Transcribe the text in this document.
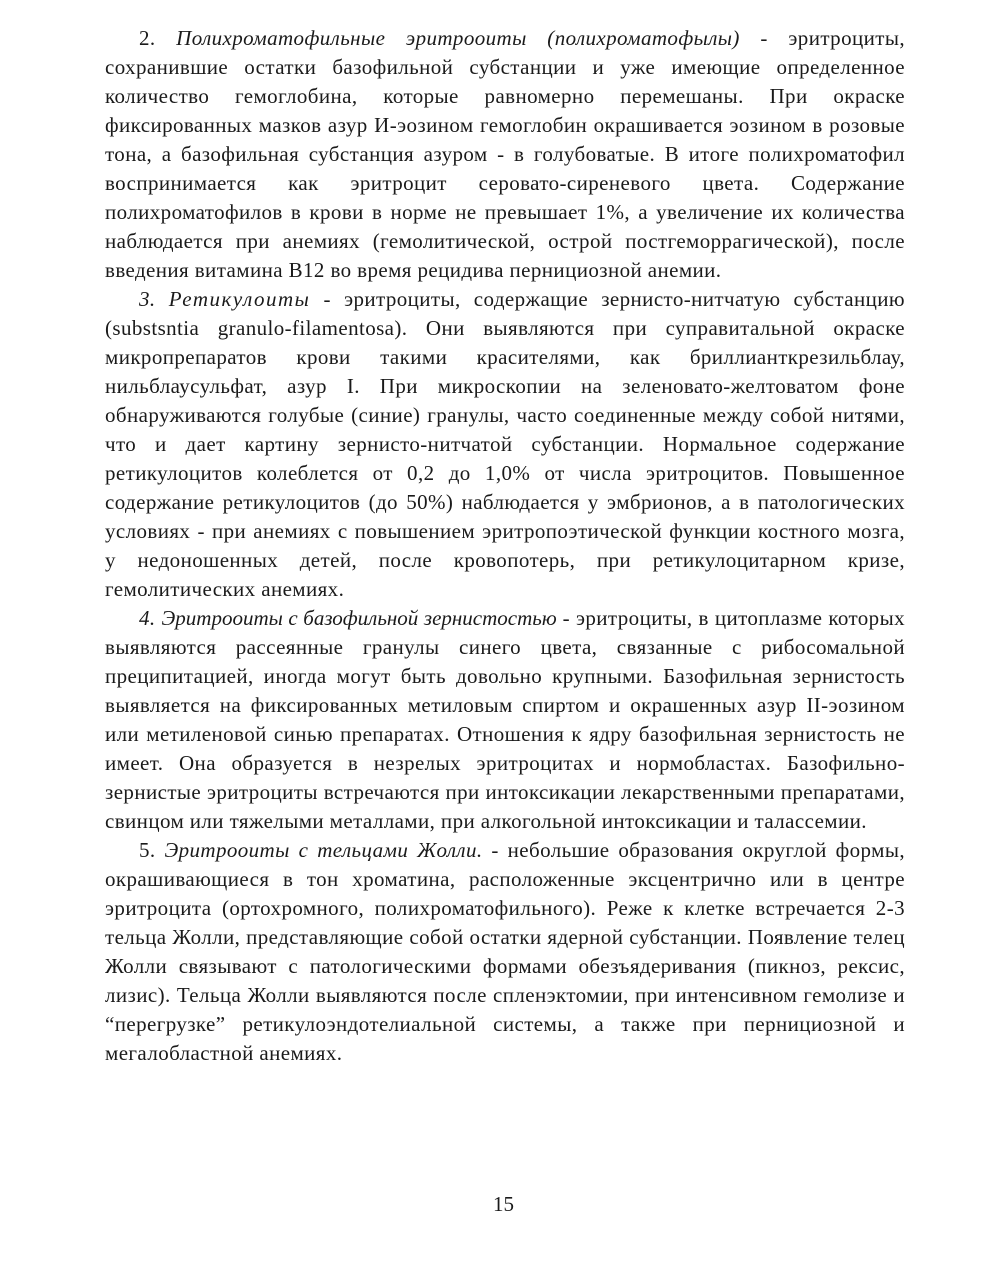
2. Полихроматофильные эритрооиты (полихроматофылы) - эритроциты, сохранившие остатки базофильной субстанции и уже имеющие определенное количество гемоглобина, которые равномерно перемешаны. При окраске фиксированных мазков азур И-эозином гемоглобин окрашивается эозином в розовые тона, а базофильная субстанция азуром - в голубоватые. В итоге полихроматофил воспринимается как эритроцит серовато-сиреневого цвета. Содержание полихроматофилов в крови в норме не превышает 1%, а увеличение их количества наблюдается при анемиях (гемолитической, острой постгеморрагической), после введения витамина В12 во время рецидива пернициозной анемии.

3. Ретикулоиты - эритроциты, содержащие зернисто-нитчатую субстанцию (substsntia granulo-filamentosa). Они выявляются при суправитальной окраске микропрепаратов крови такими красителями, как бриллианткрезильблау, нильблаусульфат, азур I. При микроскопии на зеленовато-желтоватом фоне обнаруживаются голубые (синие) гранулы, часто соединенные между собой нитями, что и дает картину зернисто-нитчатой субстанции. Нормальное содержание ретикулоцитов колеблется от 0,2 до 1,0% от числа эритроцитов. Повышенное содержание ретикулоцитов (до 50%) наблюдается у эмбрионов, а в патологических условиях - при анемиях с повышением эритропоэтической функции костного мозга, у недоношенных детей, после кровопотерь, при ретикулоцитарном кризе, гемолитических анемиях.

4. Эритрооиты с базофильной зернистостью - эритроциты, в цитоплазме которых выявляются рассеянные гранулы синего цвета, связанные с рибосомальной преципитацией, иногда могут быть довольно крупными. Базофильная зернистость выявляется на фиксированных метиловым спиртом и окрашенных азур II-эозином или метиленовой синью препаратах. Отношения к ядру базофильная зернистость не имеет. Она образуется в незрелых эритроцитах и нормобластах. Базофильно-зернистые эритроциты встречаются при интоксикации лекарственными препаратами, свинцом или тяжелыми металлами, при алкогольной интоксикации и талассемии.

5. Эритрооиты с тельцами Жолли. - небольшие образования округлой формы, окрашивающиеся в тон хроматина, расположенные эксцентрично или в центре эритроцита (ортохромного, полихроматофильного). Реже к клетке встречается 2-3 тельца Жолли, представляющие собой остатки ядерной субстанции. Появление телец Жолли связывают с патологическими формами обезъядеривания (пикноз, рексис, лизис). Тельца Жолли выявляются после спленэктомии, при интенсивном гемолизе и “перегрузке” ретикулоэндотелиальной системы, а также при пернициозной и мегалобластной анемиях.

15
